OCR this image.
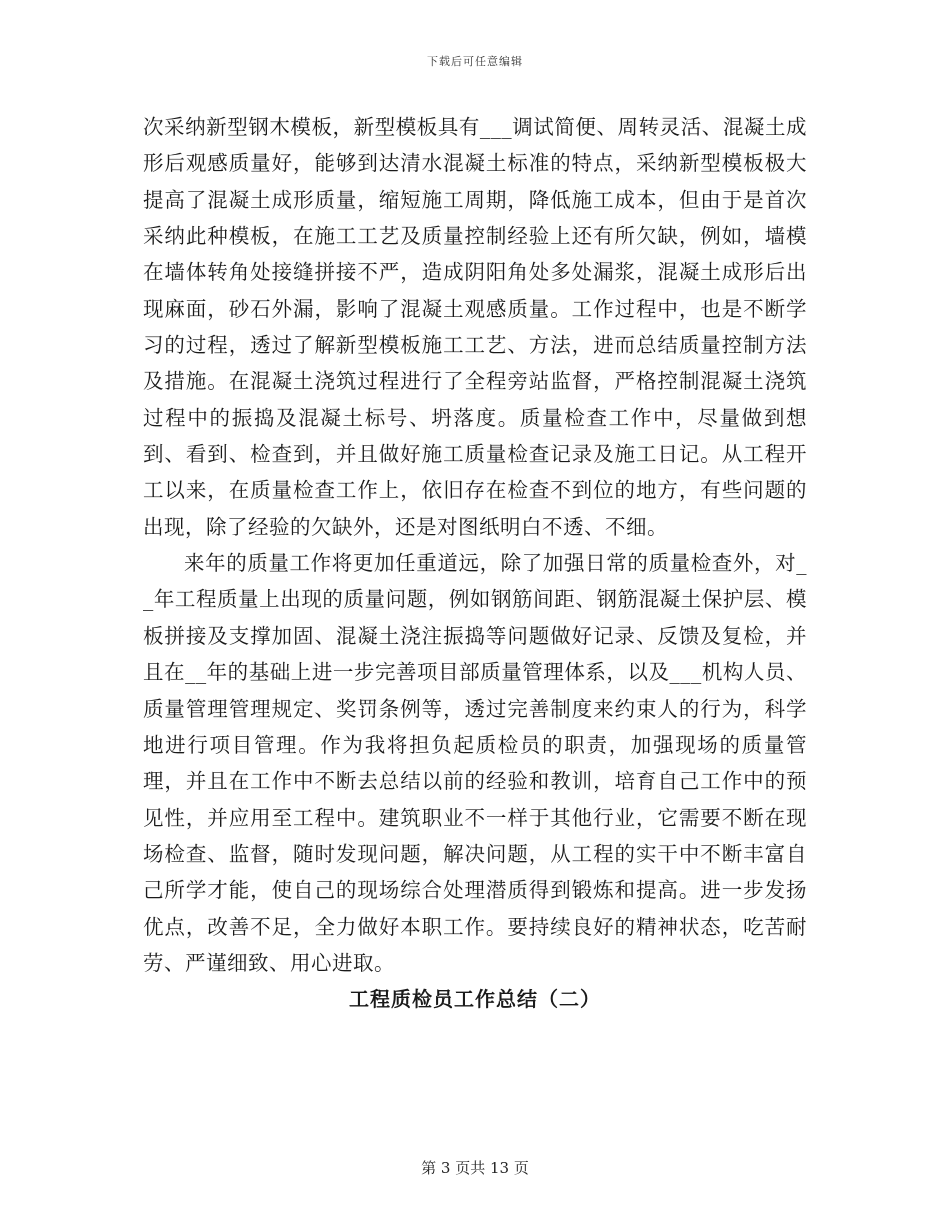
下载后可任意编辑

次采纳新型钢木模板，新型模板具有___调试简便、周转灵活、混凝土成形后观感质量好，能够到达清水混凝土标准的特点，采纳新型模板极大提高了混凝土成形质量，缩短施工周期，降低施工成本，但由于是首次采纳此种模板，在施工工艺及质量控制经验上还有所欠缺，例如，墙模在墙体转角处接缝拼接不严，造成阴阳角处多处漏浆，混凝土成形后出现麻面，砂石外漏，影响了混凝土观感质量。工作过程中，也是不断学习的过程，透过了解新型模板施工工艺、方法，进而总结质量控制方法及措施。在混凝土浇筑过程进行了全程旁站监督，严格控制混凝土浇筑过程中的振捣及混凝土标号、坍落度。质量检查工作中，尽量做到想到、看到、检查到，并且做好施工质量检查记录及施工日记。从工程开工以来，在质量检查工作上，依旧存在检查不到位的地方，有些问题的出现，除了经验的欠缺外，还是对图纸明白不透、不细。

来年的质量工作将更加任重道远，除了加强日常的质量检查外，对__年工程质量上出现的质量问题，例如钢筋间距、钢筋混凝土保护层、模板拼接及支撑加固、混凝土浇注振捣等问题做好记录、反馈及复检，并且在__年的基础上进一步完善项目部质量管理体系，以及___机构人员、质量管理管理规定、奖罚条例等，透过完善制度来约束人的行为，科学地进行项目管理。作为我将担负起质检员的职责，加强现场的质量管理，并且在工作中不断去总结以前的经验和教训，培育自己工作中的预见性，并应用至工程中。建筑职业不一样于其他行业，它需要不断在现场检查、监督，随时发现问题，解决问题，从工程的实干中不断丰富自己所学才能，使自己的现场综合处理潜质得到锻炼和提高。进一步发扬优点，改善不足，全力做好本职工作。要持续良好的精神状态，吃苦耐劳、严谨细致、用心进取。

工程质检员工作总结（二）
第 3 页共 13 页
